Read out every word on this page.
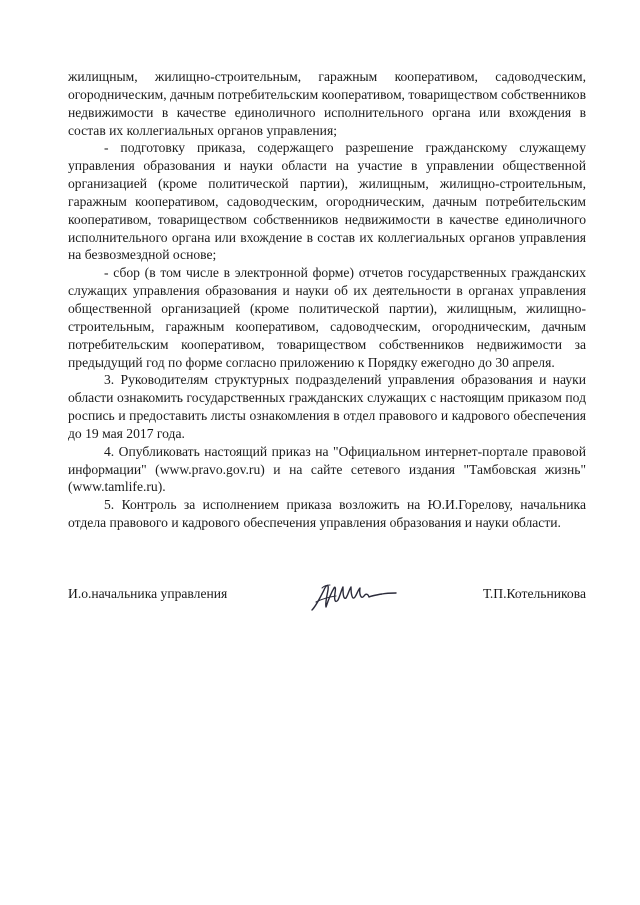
жилищным, жилищно-строительным, гаражным кооперативом, садоводческим, огородническим, дачным потребительским кооперативом, товариществом собственников недвижимости в качестве единоличного исполнительного органа или вхождения в состав их коллегиальных органов управления;

- подготовку приказа, содержащего разрешение гражданскому служащему управления образования и науки области на участие в управлении общественной организацией (кроме политической партии), жилищным, жилищно-строительным, гаражным кооперативом, садоводческим, огородническим, дачным потребительским кооперативом, товариществом собственников недвижимости в качестве единоличного исполнительного органа или вхождение в состав их коллегиальных органов управления на безвозмездной основе;

- сбор (в том числе в электронной форме) отчетов государственных гражданских служащих управления образования и науки об их деятельности в органах управления общественной организацией (кроме политической партии), жилищным, жилищно-строительным, гаражным кооперативом, садоводческим, огородническим, дачным потребительским кооперативом, товариществом собственников недвижимости за предыдущий год по форме согласно приложению к Порядку ежегодно до 30 апреля.

3. Руководителям структурных подразделений управления образования и науки области ознакомить государственных гражданских служащих с настоящим приказом под роспись и предоставить листы ознакомления в отдел правового и кадрового обеспечения до 19 мая 2017 года.

4. Опубликовать настоящий приказ на "Официальном интернет-портале правовой информации" (www.pravo.gov.ru) и на сайте сетевого издания "Тамбовская жизнь" (www.tamlife.ru).

5. Контроль за исполнением приказа возложить на Ю.И.Горелову, начальника отдела правового и кадрового обеспечения управления образования и науки области.

И.о.начальника управления	Т.П.Котельникова
